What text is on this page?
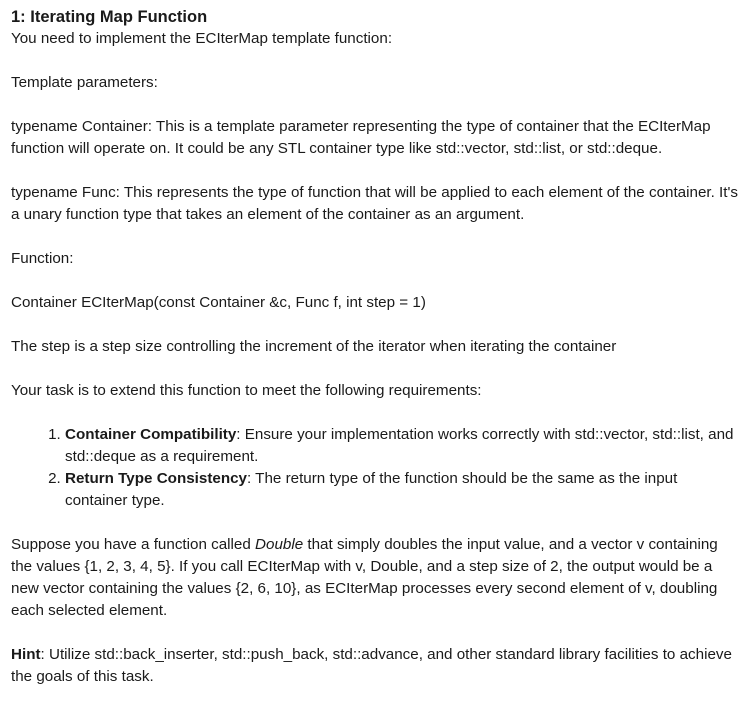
1: Iterating Map Function

You need to implement the ECIterMap template function:

Template parameters:

typename Container: This is a template parameter representing the type of container that the ECIterMap function will operate on. It could be any STL container type like std::vector, std::list, or std::deque.

typename Func: This represents the type of function that will be applied to each element of the container. It's a unary function type that takes an element of the container as an argument.

Function:

Container ECIterMap(const Container &c, Func f, int step = 1)

The step is a step size controlling the increment of the iterator when iterating the container

Your task is to extend this function to meet the following requirements:

1. Container Compatibility: Ensure your implementation works correctly with std::vector, std::list, and std::deque as a requirement.
2. Return Type Consistency: The return type of the function should be the same as the input container type.

Suppose you have a function called Double that simply doubles the input value, and a vector v containing the values {1, 2, 3, 4, 5}. If you call ECIterMap with v, Double, and a step size of 2, the output would be a new vector containing the values {2, 6, 10}, as ECIterMap processes every second element of v, doubling each selected element.

Hint: Utilize std::back_inserter, std::push_back, std::advance, and other standard library facilities to achieve the goals of this task.
